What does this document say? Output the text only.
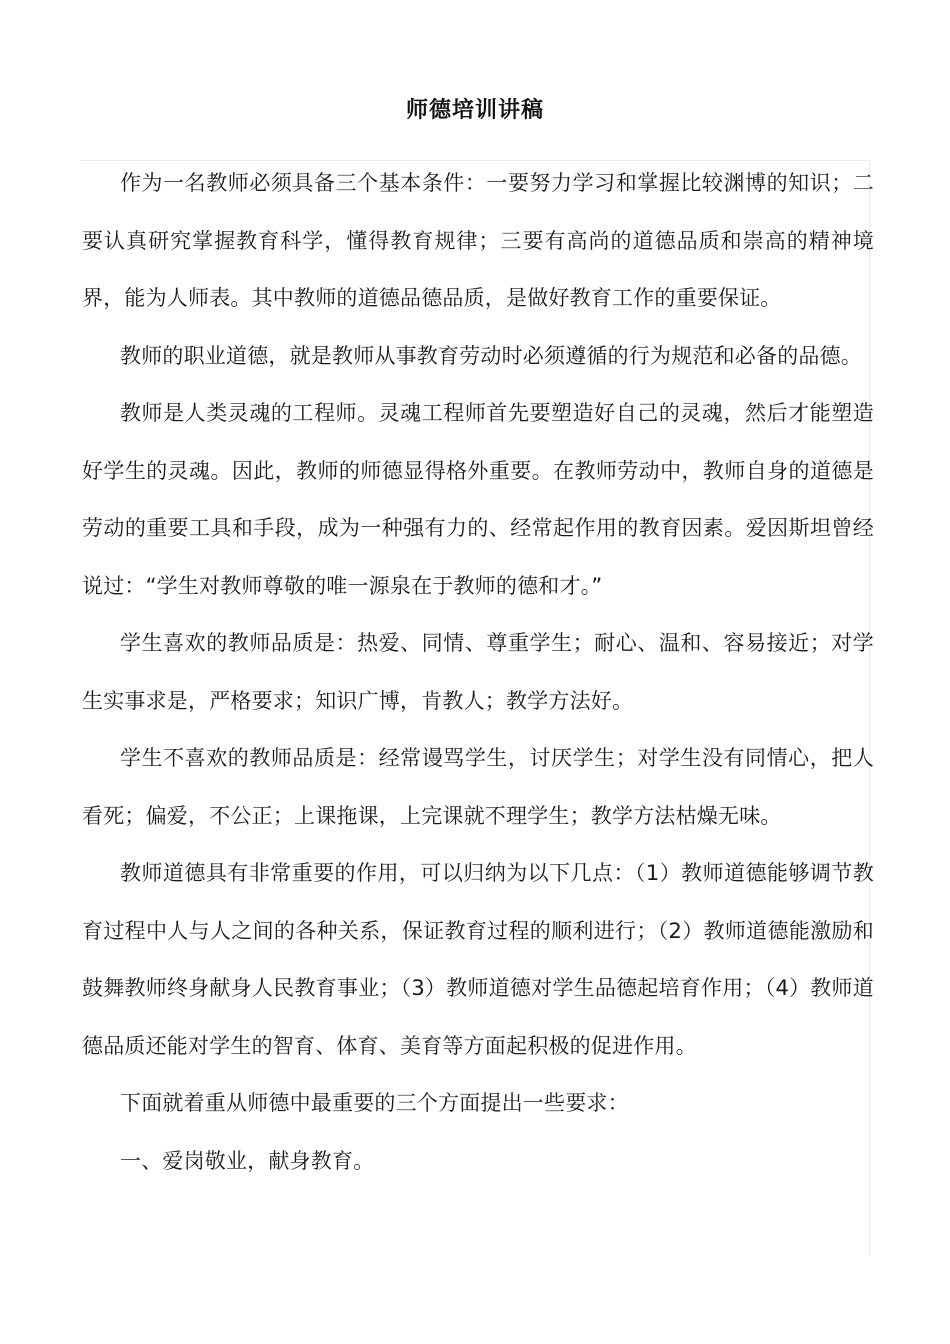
师德培训讲稿

作为一名教师必须具备三个基本条件：一要努力学习和掌握比较渊博的知识；二要认真研究掌握教育科学，懂得教育规律；三要有高尚的道德品质和崇高的精神境界，能为人师表。其中教师的道德品德品质，是做好教育工作的重要保证。

教师的职业道德，就是教师从事教育劳动时必须遵循的行为规范和必备的品德。

教师是人类灵魂的工程师。灵魂工程师首先要塑造好自己的灵魂，然后才能塑造好学生的灵魂。因此，教师的师德显得格外重要。在教师劳动中，教师自身的道德是劳动的重要工具和手段，成为一种强有力的、经常起作用的教育因素。爱因斯坦曾经说过：“学生对教师尊敬的唯一源泉在于教师的德和才。”

学生喜欢的教师品质是：热爱、同情、尊重学生；耐心、温和、容易接近；对学生实事求是，严格要求；知识广博，肯教人；教学方法好。

学生不喜欢的教师品质是：经常谩骂学生，讨厌学生；对学生没有同情心，把人看死；偏爱，不公正；上课拖课，上完课就不理学生；教学方法枯燥无味。

教师道德具有非常重要的作用，可以归纳为以下几点：（1）教师道德能够调节教育过程中人与人之间的各种关系，保证教育过程的顺利进行；（2）教师道德能激励和鼓舞教师终身献身人民教育事业；（3）教师道德对学生品德起培育作用；（4）教师道德品质还能对学生的智育、体育、美育等方面起积极的促进作用。

下面就着重从师德中最重要的三个方面提出一些要求：

一、爱岗敬业，献身教育。
